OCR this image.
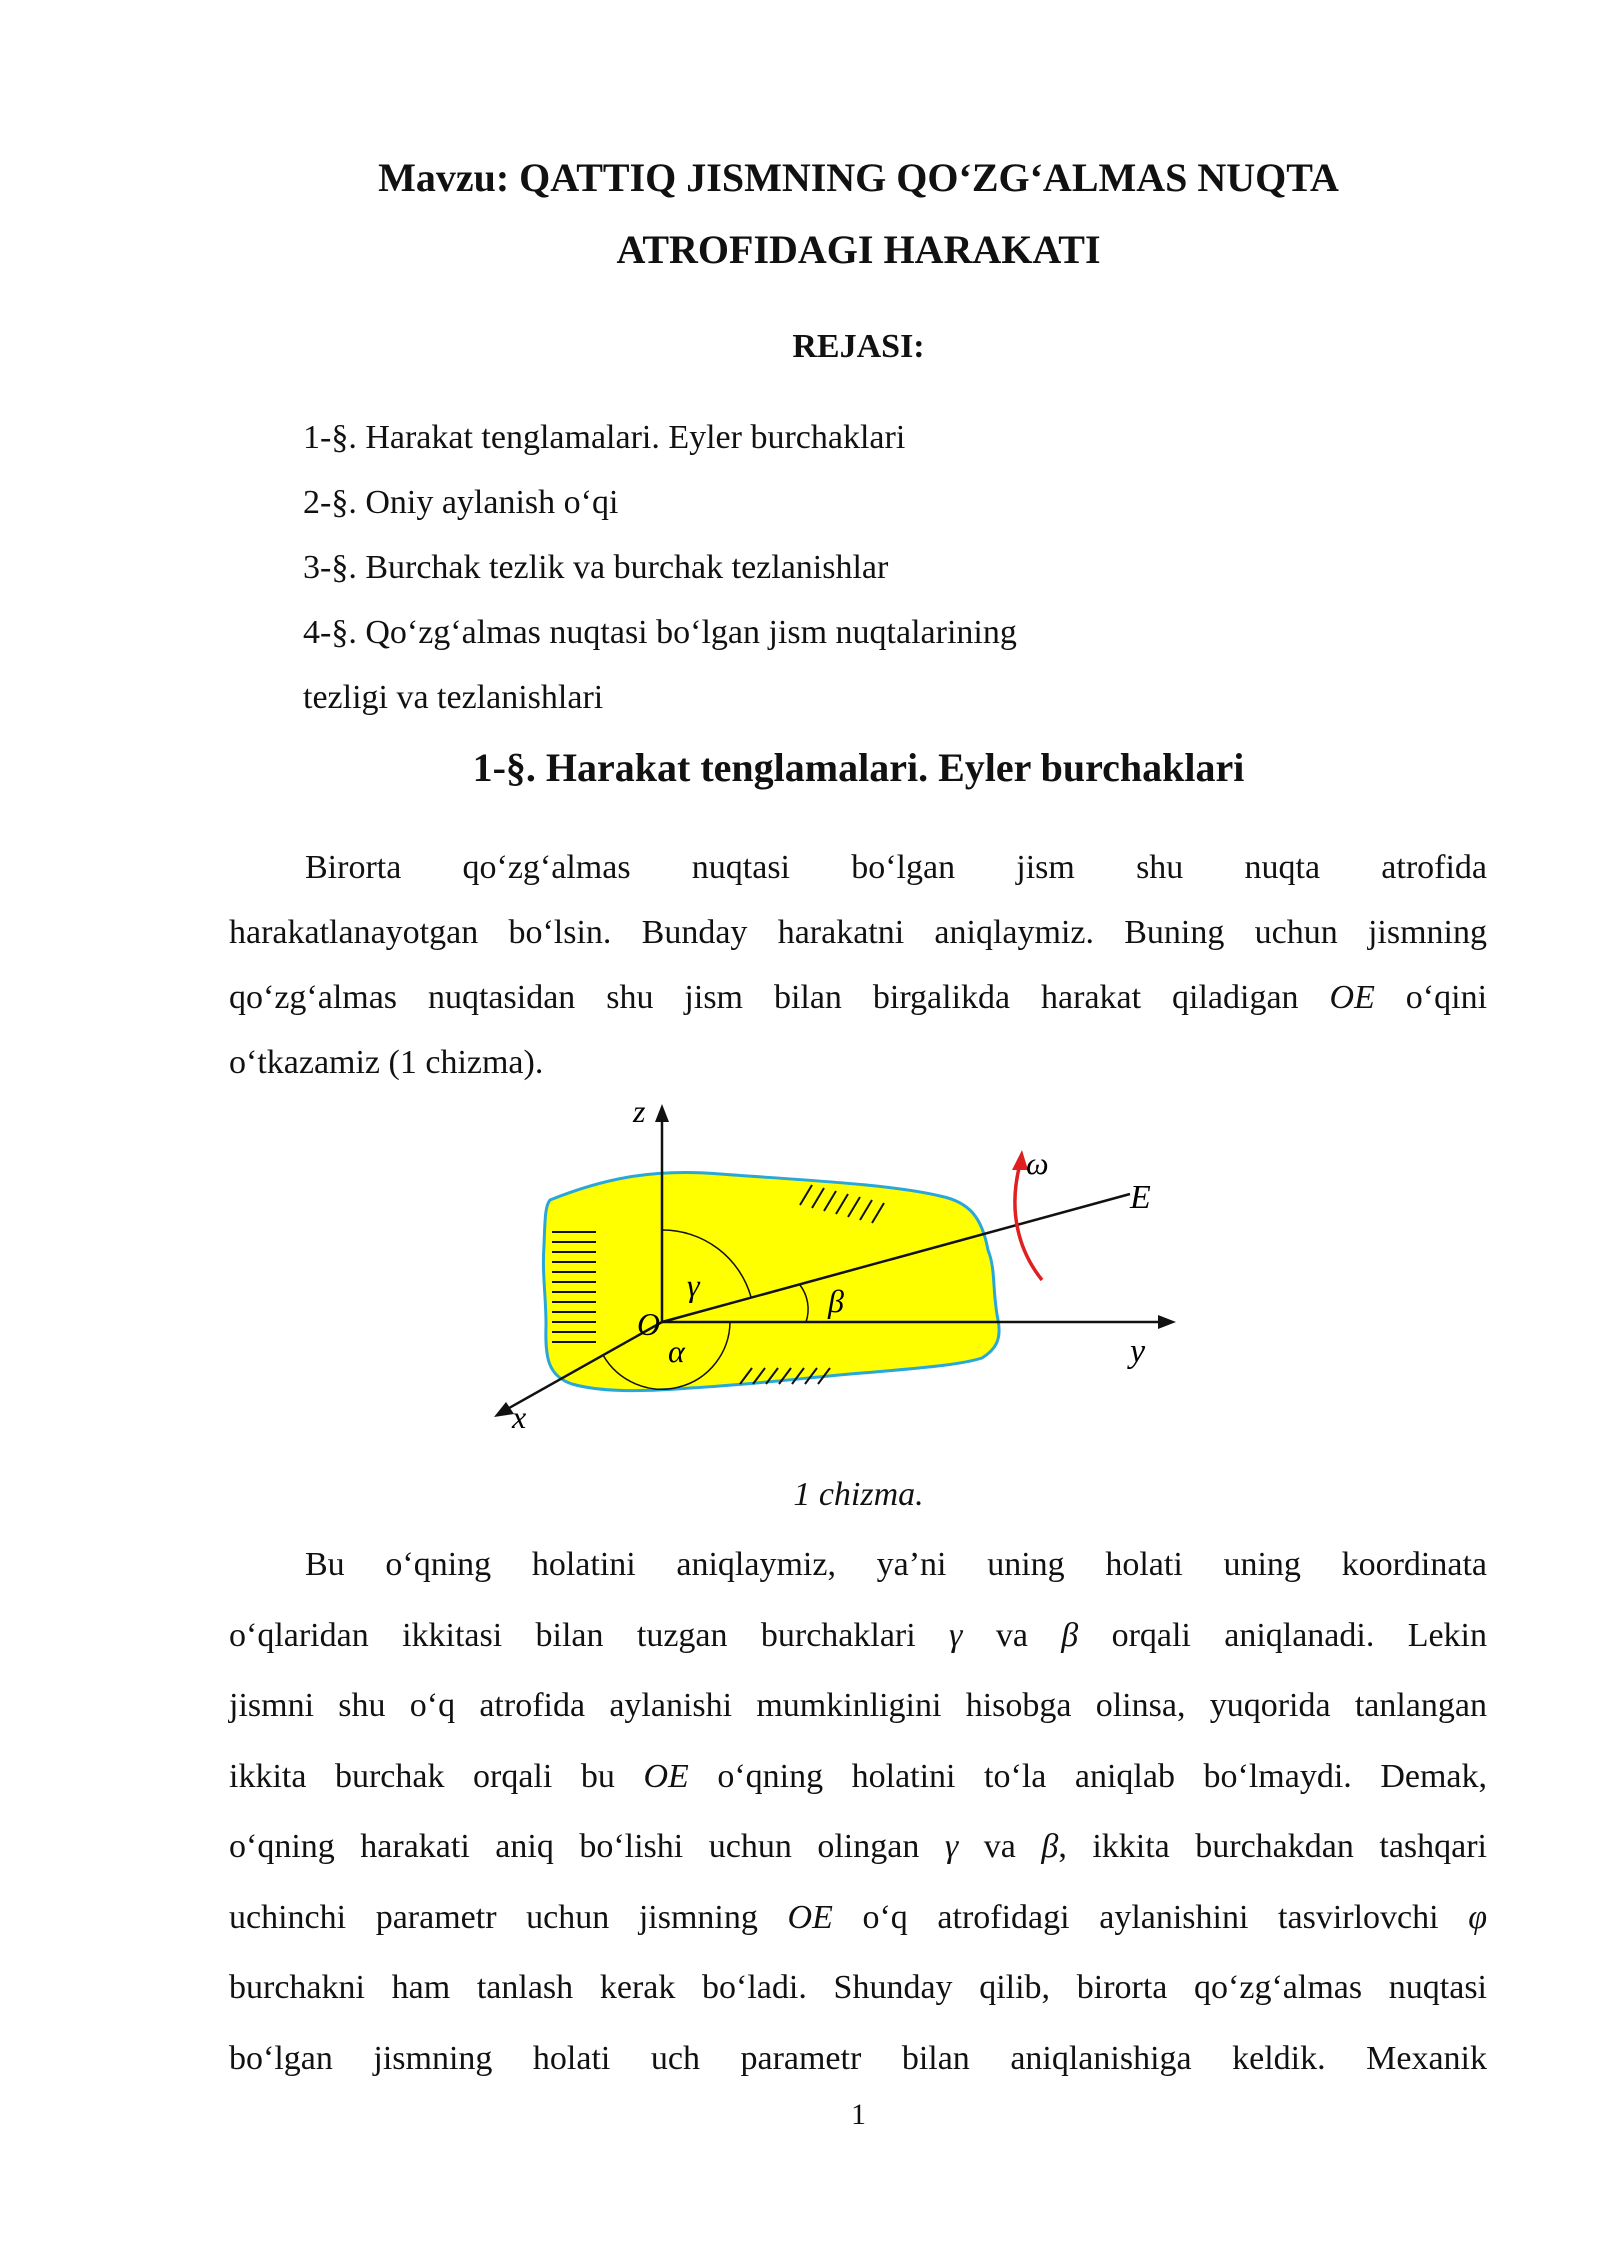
Mavzu: QATTIQ JISMNING QO‘ZG‘ALMAS NUQTA
ATROFIDAGI HARAKATI
REJASI:
1-§. Harakat tenglamalari. Eyler burchaklari
2-§. Oniy aylanish o‘qi
3-§. Burchak tezlik va burchak tezlanishlar
4-§. Qo‘zg‘almas nuqtasi bo‘lgan jism nuqtalarining
tezligi va tezlanishlari
1-§. Harakat tenglamalari. Eyler burchaklari
Birorta qo‘zg‘almas nuqtasi bo‘lgan jism shu nuqta atrofida
harakatlanayotgan bo‘lsin. Bunday harakatni aniqlaymiz. Buning uchun jismning
qo‘zg‘almas nuqtasidan shu jism bilan birgalikda harakat qiladigan OE o‘qini
o‘tkazamiz (1 chizma).
z
x
y
O
E
ω
α
β
γ
1 chizma.
Bu o‘qning holatini aniqlaymiz, ya’ni uning holati uning koordinata
o‘qlaridan ikkitasi bilan tuzgan burchaklari γ va β orqali aniqlanadi. Lekin
jismni shu o‘q atrofida aylanishi mumkinligini hisobga olinsa, yuqorida tanlangan
ikkita burchak orqali bu OE o‘qning holatini to‘la aniqlab bo‘lmaydi. Demak,
o‘qning harakati aniq bo‘lishi uchun olingan γ va β, ikkita burchakdan tashqari
uchinchi parametr uchun jismning OE o‘q atrofidagi aylanishini tasvirlovchi φ
burchakni ham tanlash kerak bo‘ladi. Shunday qilib, birorta qo‘zg‘almas nuqtasi
bo‘lgan jismning holati uch parametr bilan aniqlanishiga keldik. Mexanik
1
